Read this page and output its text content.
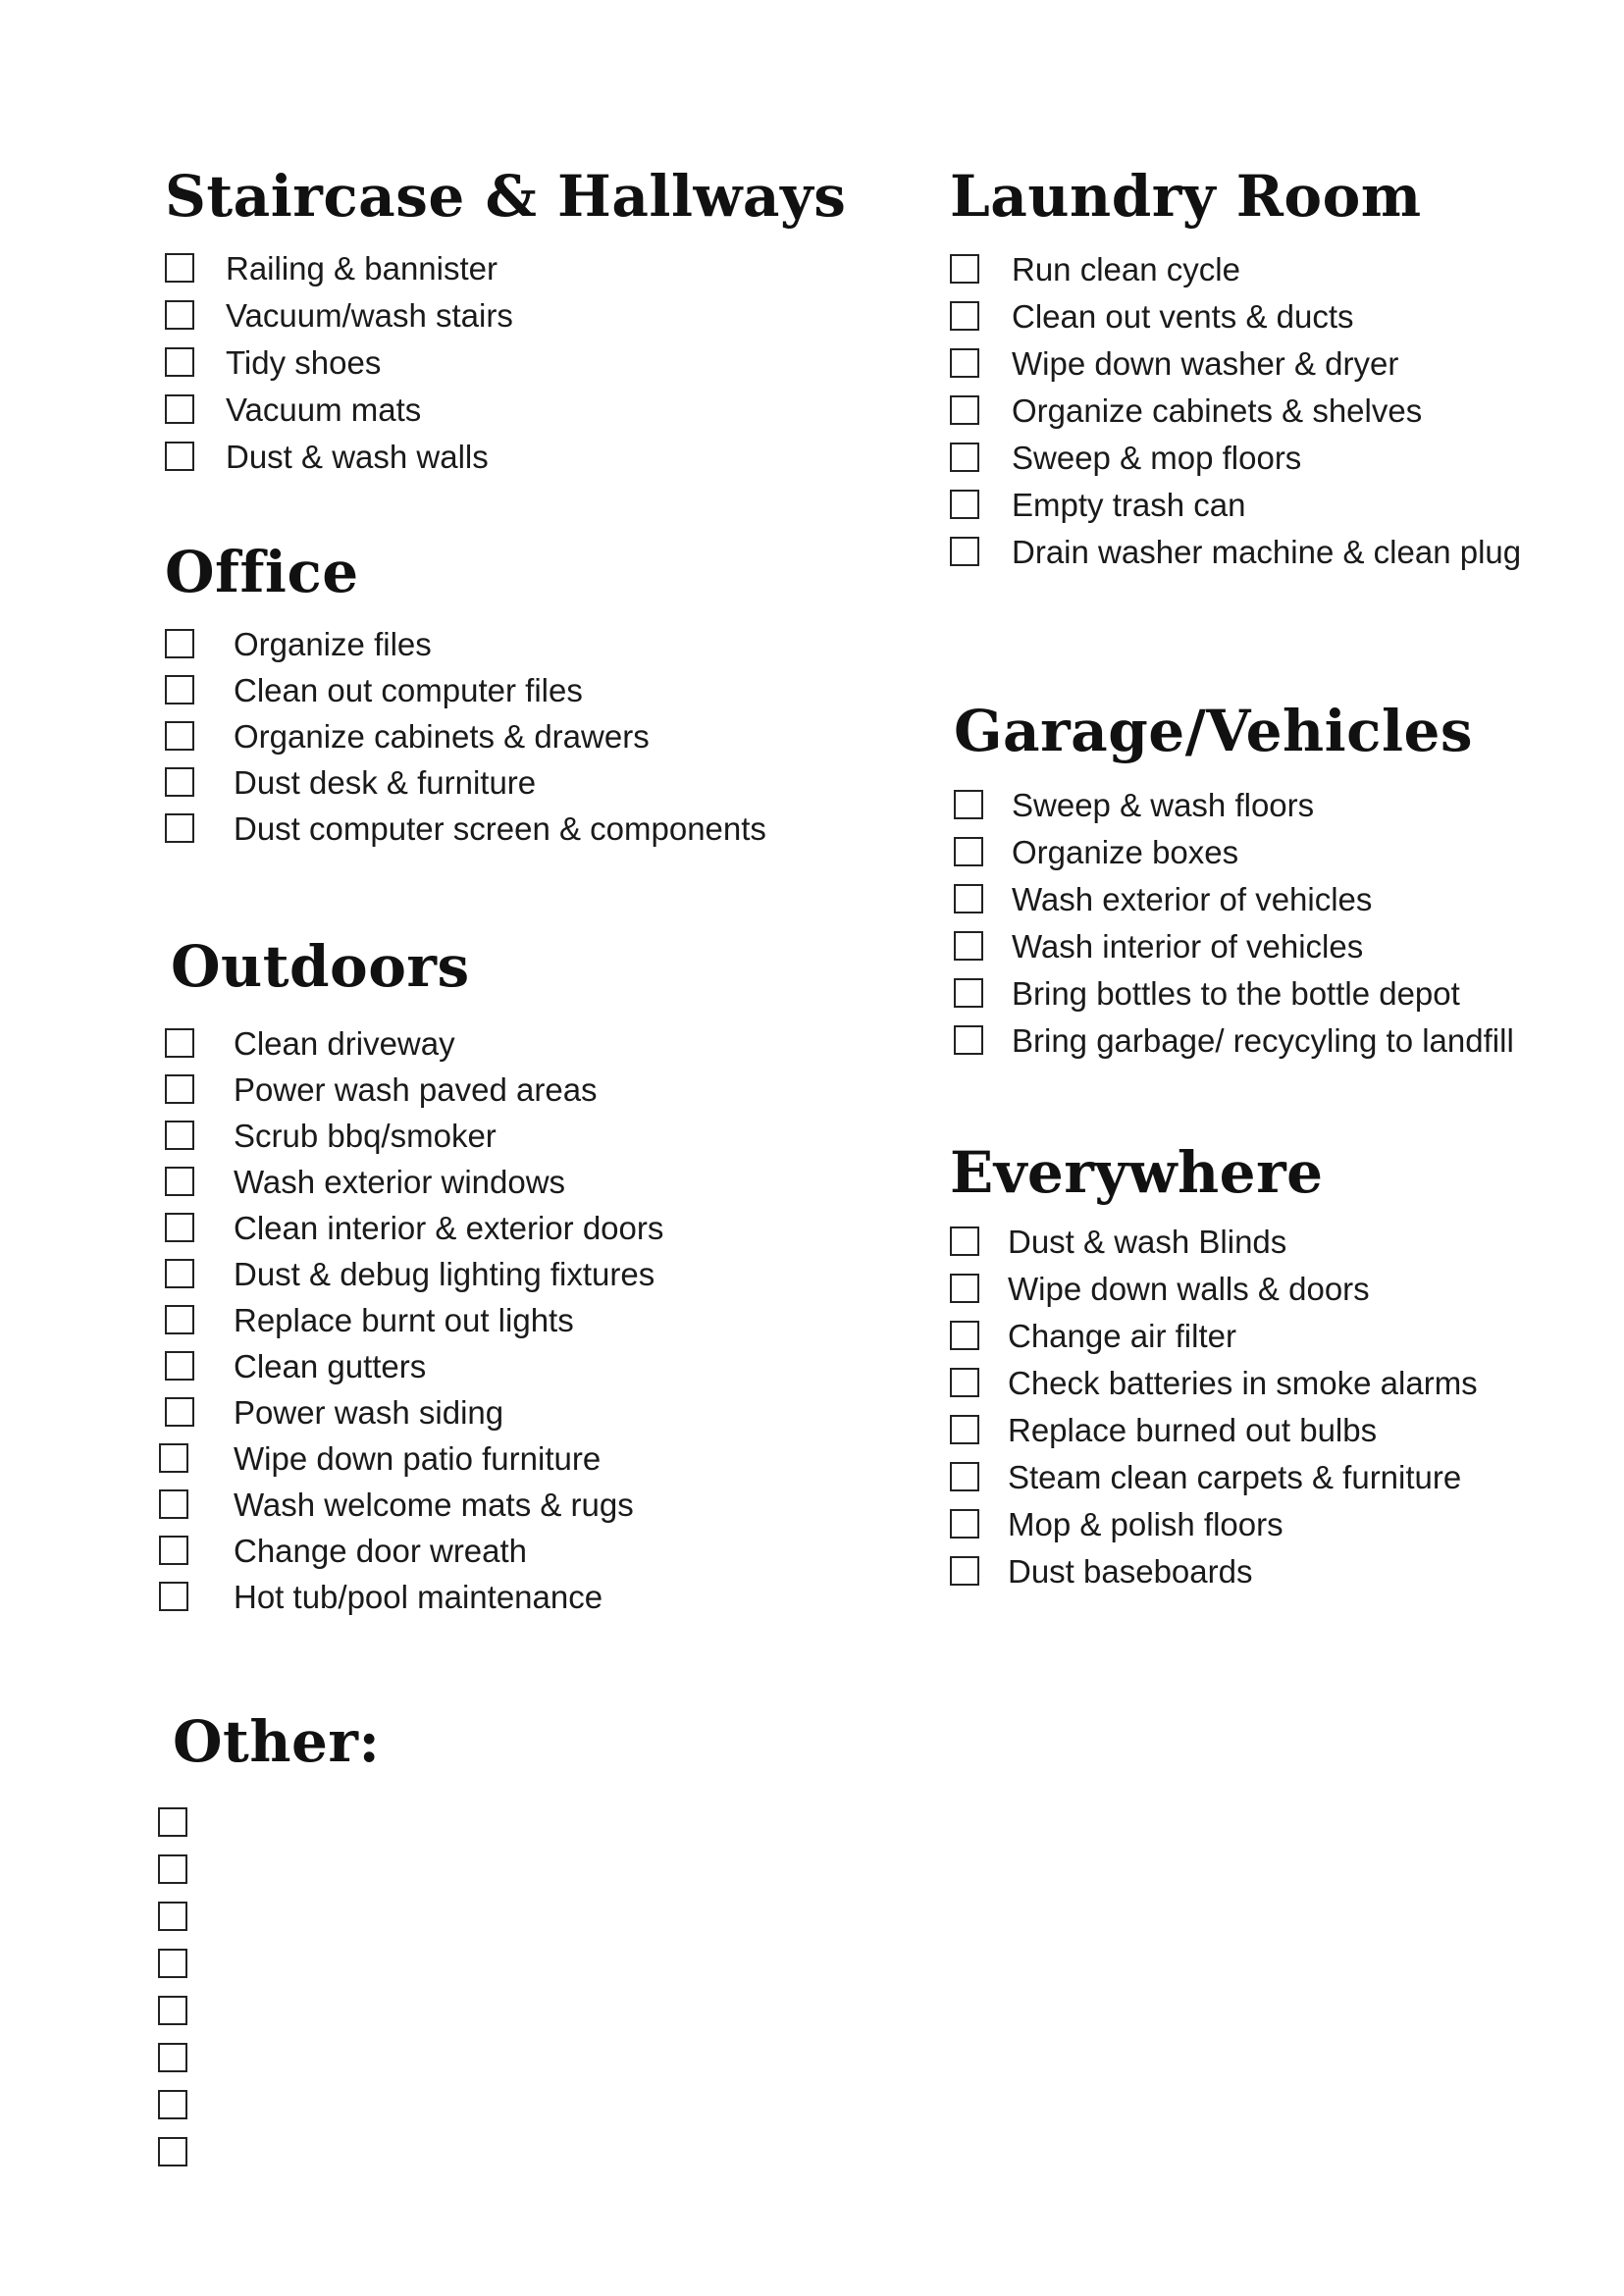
Staircase & Hallways
Railing & bannister
Vacuum/wash stairs
Tidy shoes
Vacuum mats
Dust & wash walls
Office
Organize files
Clean out computer files
Organize cabinets & drawers
Dust desk & furniture
Dust computer screen & components
Outdoors
Clean driveway
Power wash paved areas
Scrub bbq/smoker
Wash exterior windows
Clean interior & exterior doors
Dust & debug lighting fixtures
Replace burnt out lights
Clean gutters
Power wash siding
Wipe down patio furniture
Wash welcome mats & rugs
Change door wreath
Hot tub/pool maintenance
Other:
Laundry Room
Run clean cycle
Clean out vents & ducts
Wipe down washer & dryer
Organize cabinets & shelves
Sweep & mop floors
Empty trash can
Drain washer machine & clean plug
Garage/Vehicles
Sweep & wash floors
Organize boxes
Wash exterior of vehicles
Wash interior of vehicles
Bring bottles to the bottle depot
Bring garbage/ recycyling to landfill
Everywhere
Dust & wash Blinds
Wipe down walls & doors
Change air filter
Check batteries in smoke alarms
Replace burned out bulbs
Steam clean carpets & furniture
Mop & polish floors
Dust baseboards
